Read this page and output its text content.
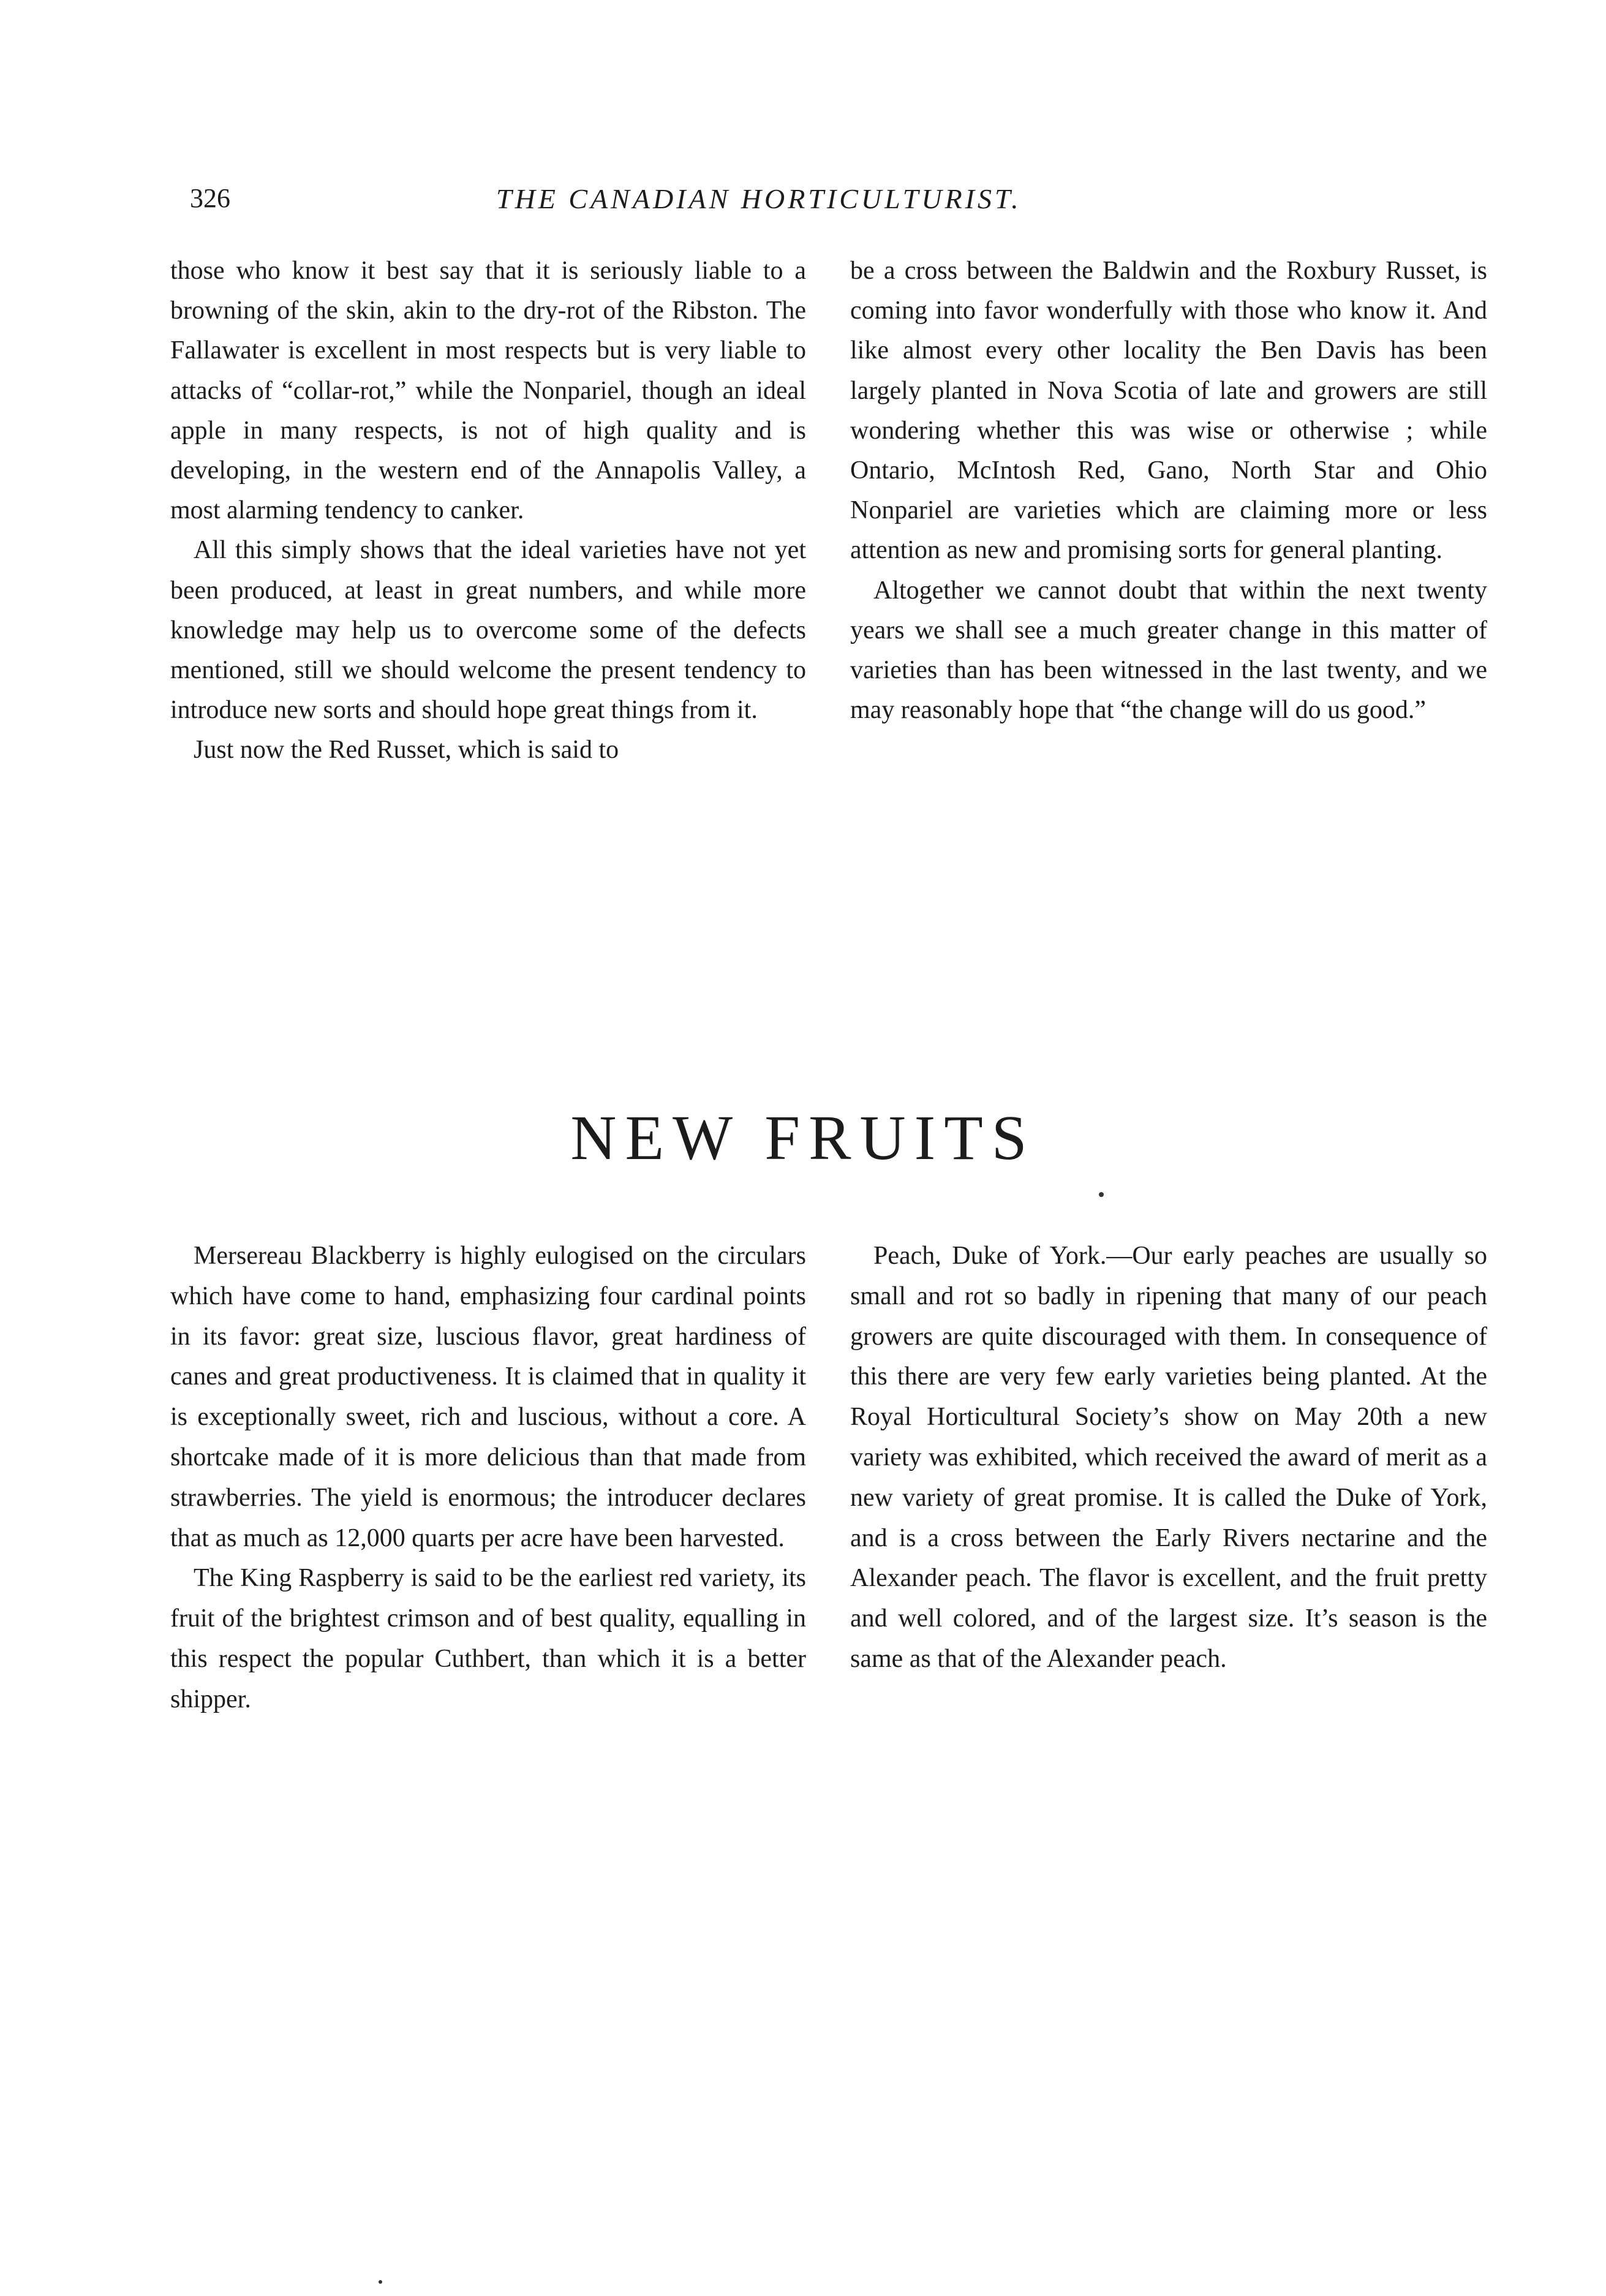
326	THE CANADIAN HORTICULTURIST.

those who know it best say that it is seriously liable to a browning of the skin, akin to the dry-rot of the Ribston. The Fallawater is excellent in most respects but is very liable to attacks of “collar-rot,” while the Nonpariel, though an ideal apple in many respects, is not of high quality and is developing, in the western end of the Annapolis Valley, a most alarming tendency to canker.

All this simply shows that the ideal varieties have not yet been produced, at least in great numbers, and while more knowledge may help us to overcome some of the defects mentioned, still we should welcome the present tendency to introduce new sorts and should hope great things from it.

Just now the Red Russet, which is said to

be a cross between the Baldwin and the Roxbury Russet, is coming into favor wonderfully with those who know it. And like almost every other locality the Ben Davis has been largely planted in Nova Scotia of late and growers are still wondering whether this was wise or otherwise ; while Ontario, McIntosh Red, Gano, North Star and Ohio Nonpariel are varieties which are claiming more or less attention as new and promising sorts for general planting.

Altogether we cannot doubt that within the next twenty years we shall see a much greater change in this matter of varieties than has been witnessed in the last twenty, and we may reasonably hope that “the change will do us good.”

NEW FRUITS

Mersereau Blackberry is highly eulogised on the circulars which have come to hand, emphasizing four cardinal points in its favor: great size, luscious flavor, great hardiness of canes and great productiveness. It is claimed that in quality it is exceptionally sweet, rich and luscious, without a core. A shortcake made of it is more delicious than that made from strawberries. The yield is enormous; the introducer declares that as much as 12,000 quarts per acre have been harvested.

The King Raspberry is said to be the earliest red variety, its fruit of the brightest crimson and of best quality, equalling in this respect the popular Cuthbert, than which it is a better shipper.

Peach, Duke of York.—Our early peaches are usually so small and rot so badly in ripening that many of our peach growers are quite discouraged with them. In consequence of this there are very few early varieties being planted. At the Royal Horticultural Society’s show on May 20th a new variety was exhibited, which received the award of merit as a new variety of great promise. It is called the Duke of York, and is a cross between the Early Rivers nectarine and the Alexander peach. The flavor is excellent, and the fruit pretty and well colored, and of the largest size. It’s season is the same as that of the Alexander peach.
